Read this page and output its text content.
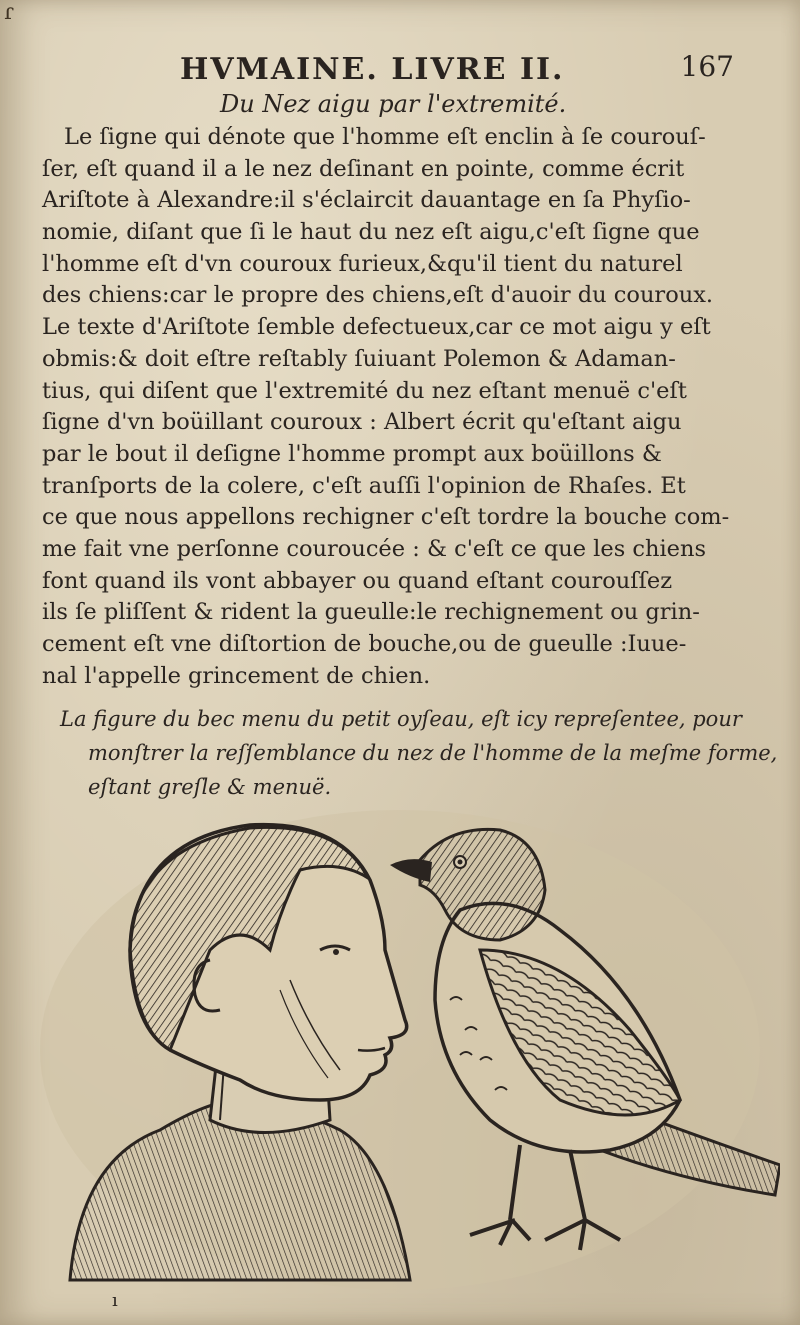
ɾ
HVMAINE. LIVRE II.	167
Du Nez aigu par l'extremité.
Le ſigne qui dénote que l'homme eſt enclin à ſe courouſ-
ſer, eſt quand il a le nez deſinant en pointe, comme écrit
Ariſtote à Alexandre:il s'éclaircit dauantage en ſa Phyſio-
nomie, diſant que ſi le haut du nez eſt aigu,c'eſt ſigne que
l'homme eſt d'vn couroux furieux,&qu'il tient du naturel
des chiens:car le propre des chiens,eſt d'auoir du couroux.
Le texte d'Ariſtote ſemble defectueux,car ce mot aigu y eſt
obmis:& doit eſtre reſtably ſuiuant Polemon & Adaman-
tius, qui diſent que l'extremité du nez eſtant menuë c'eſt
ſigne d'vn boüillant couroux : Albert écrit qu'eſtant aigu
par le bout il deſigne l'homme prompt aux boüillons &
tranſports de la colere, c'eſt auſſi l'opinion de Rhaſes. Et
ce que nous appellons rechigner c'eſt tordre la bouche com-
me fait vne perſonne couroucée : & c'eſt ce que les chiens
font quand ils vont abbayer ou quand eſtant courouſſez
ils ſe pliſſent & rident la gueulle:le rechignement ou grin-
cement eſt vne diſtortion de bouche,ou de gueulle :Iuue-
nal l'appelle grincement de chien.
La figure du bec menu du petit oyſeau, eſt icy repreſentee, pour
monſtrer la reſſemblance du nez de l'homme de la meſme forme,
eſtant greſle & menuë.
ı
